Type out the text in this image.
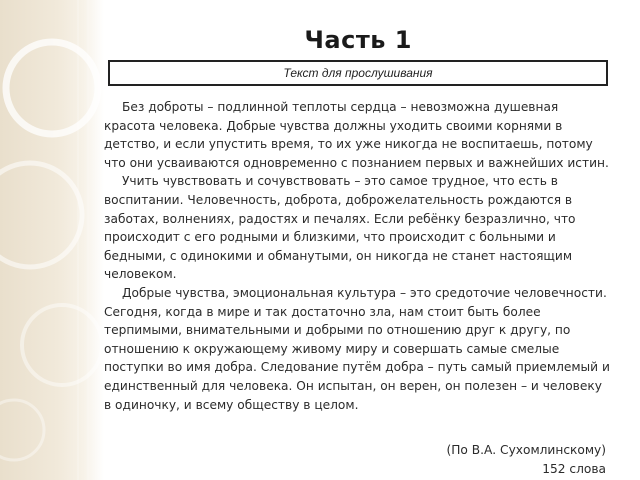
Часть 1
Текст для прослушивания

Без доброты – подлинной теплоты сердца – невозможна душевная красота человека. Добрые чувства должны уходить своими корнями в детство, и если упустить время, то их уже никогда не воспитаешь, потому что они усваиваются одновременно с познанием первых и важнейших истин.

Учить чувствовать и сочувствовать – это самое трудное, что есть в воспитании. Человечность, доброта, доброжелательность рождаются в заботах, волнениях, радостях и печалях. Если ребёнку безразлично, что происходит с его родными и близкими, что происходит с больными и бедными, с одинокими и обманутыми, он никогда не станет настоящим человеком.

Добрые чувства, эмоциональная культура – это средоточие человечности. Сегодня, когда в мире и так достаточно зла, нам стоит быть более терпимыми, внимательными и добрыми по отношению друг к другу, по отношению к окружающему живому миру и совершать самые смелые поступки во имя добра. Следование путём добра – путь самый приемлемый и единственный для человека. Он испытан, он верен, он полезен – и человеку в одиночку, и всему обществу в целом.

(По В.А. Сухомлинскому)
152 слова
